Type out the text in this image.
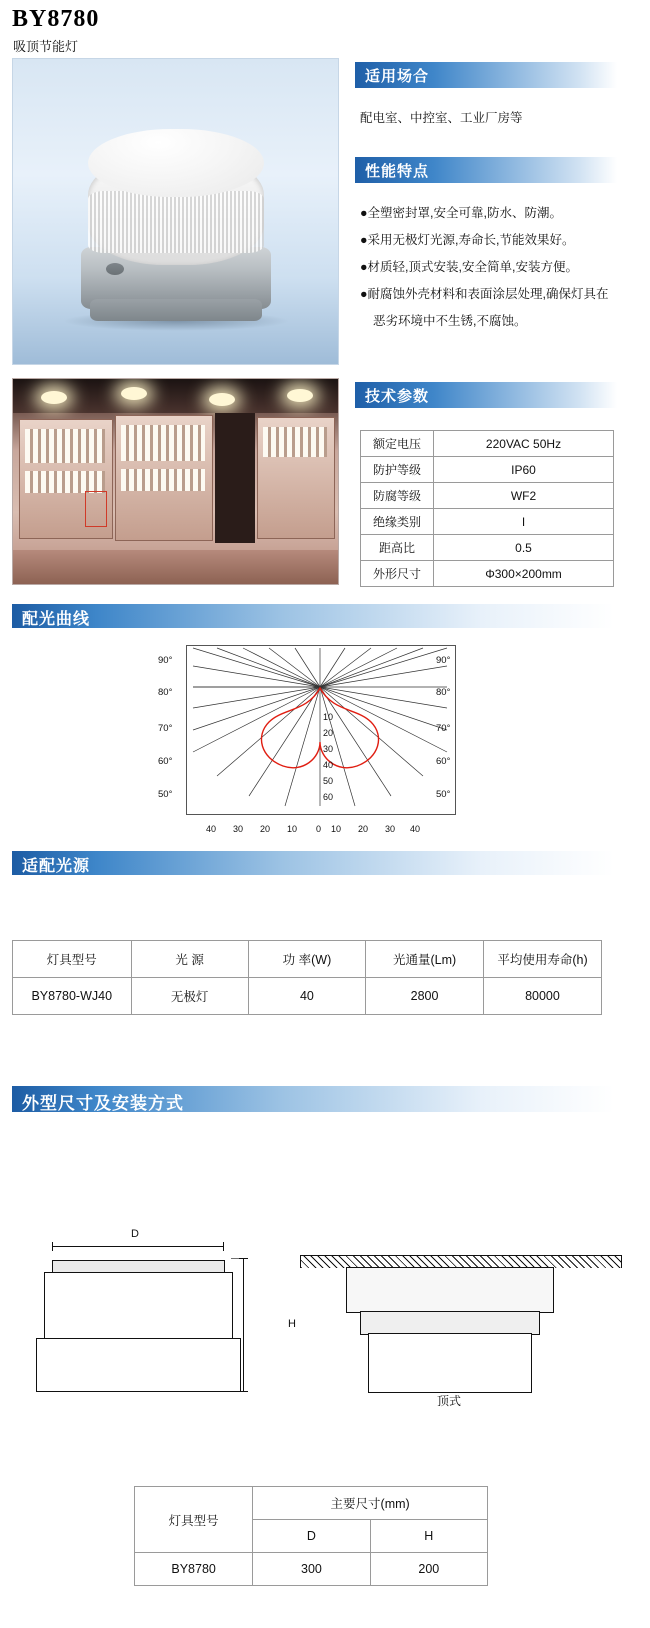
BY8780
吸顶节能灯
适用场合
配电室、中控室、工业厂房等
性能特点
●全塑密封罩,安全可靠,防水、防潮。
●采用无极灯光源,寿命长,节能效果好。
●材质轻,顶式安装,安全简单,安装方便。
●耐腐蚀外壳材料和表面涂层处理,确保灯具在
恶劣环境中不生锈,不腐蚀。
技术参数
额定电压	220VAC 50Hz
防护等级	IP60
防腐等级	WF2
绝缘类别	I
距高比	0.5
外形尺寸	Φ300×200mm
配光曲线
10
20
30
40
50
60
90°
80°
70°
60°
50°
90°
80°
70°
60°
50°
40 30 20 10 0 10 20 30 40
适配光源
灯具型号	光 源	功 率(W)	光通量(Lm)	平均使用寿命(h)
BY8780-WJ40	无极灯	40	2800	80000
外型尺寸及安装方式
D
H
顶式
灯具型号	主要尺寸(mm)	
	D	H
BY8780	300	200
